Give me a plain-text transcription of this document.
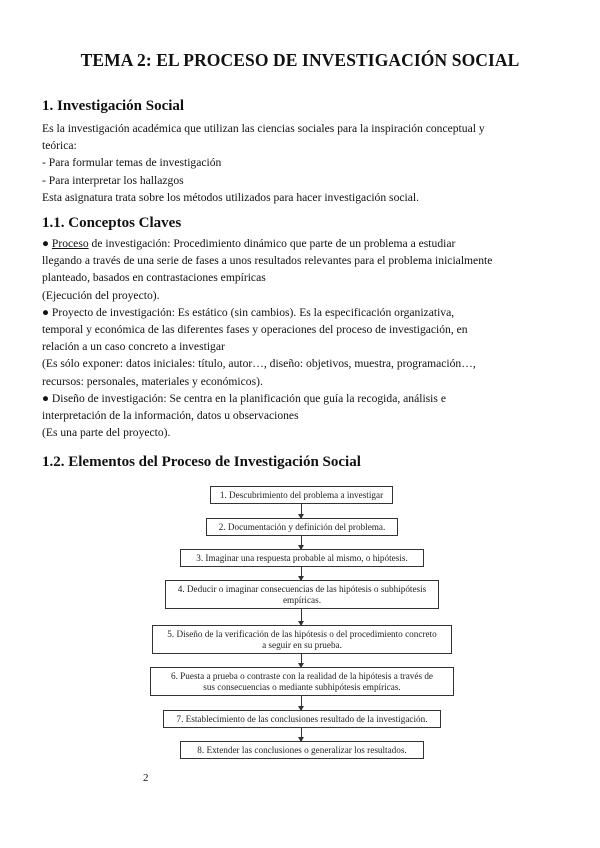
TEMA 2: EL PROCESO DE INVESTIGACIÓN SOCIAL
1. Investigación Social

Es la investigación académica que utilizan las ciencias sociales para la inspiración conceptual y

teórica:

- Para formular temas de investigación

- Para interpretar los hallazgos

Esta asignatura trata sobre los métodos utilizados para hacer investigación social.

1.1. Conceptos Claves

● Proceso de investigación: Procedimiento dinámico que parte de un problema a estudiar

llegando a través de una serie de fases a unos resultados relevantes para el problema inicialmente

planteado, basados en contrastaciones empíricas

(Ejecución del proyecto).

● Proyecto de investigación: Es estático (sin cambios). Es la especificación organizativa,

temporal y económica de las diferentes fases y operaciones del proceso de investigación, en

relación a un caso concreto a investigar

(Es sólo exponer: datos iniciales: título, autor…, diseño: objetivos, muestra, programación…,

recursos: personales, materiales y económicos).

● Diseño de investigación: Se centra en la planificación que guía la recogida, análisis e

interpretación de la información, datos u observaciones

(Es una parte del proyecto).

1.2. Elementos del Proceso de Investigación Social
1. Descubrimiento del problema a investigar
2. Documentación y definición del problema.
3. Imaginar una respuesta probable al mismo, o hipótesis.
4. Deducir o imaginar consecuencias de las hipótesis o subhipótesis
empíricas.
5. Diseño de la verificación de las hipótesis o del procedimiento concreto
a seguir en su prueba.
6. Puesta a prueba o contraste con la realidad de la hipótesis a través de
sus consecuencias o mediante subhipótesis empíricas.
7. Establecimiento de las conclusiones resultado de la investigación.
8. Extender las conclusiones o generalizar los resultados.
2
